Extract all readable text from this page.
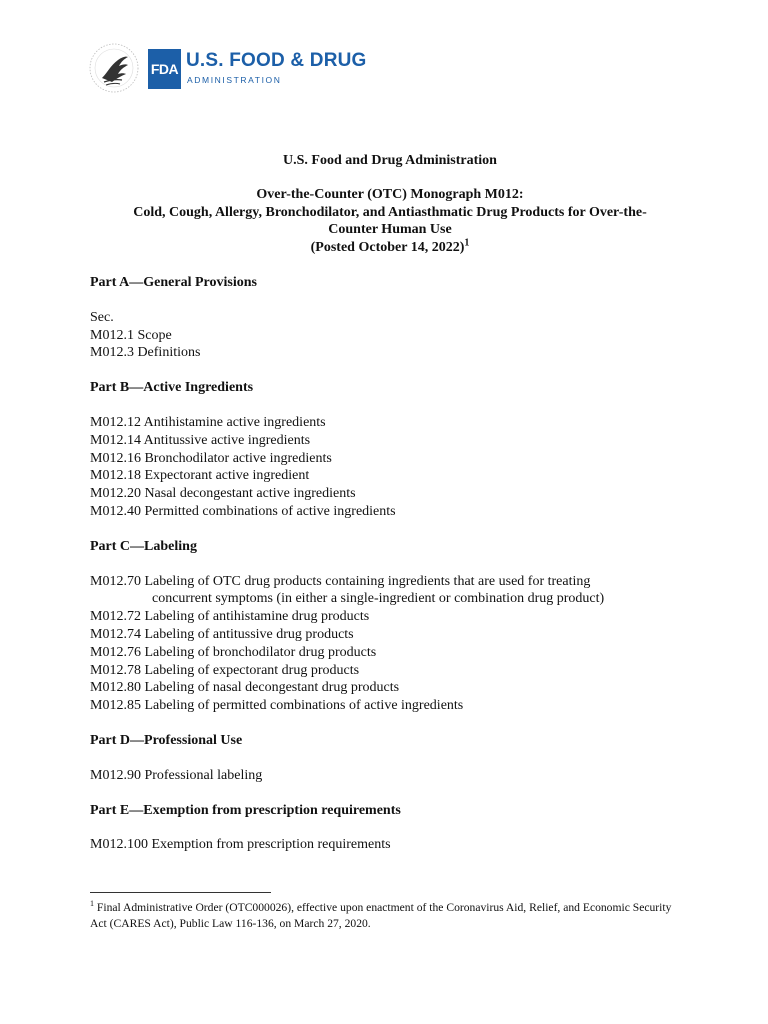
FDA U.S. FOOD & DRUG
ADMINISTRATION
U.S. Food and Drug Administration
Over-the-Counter (OTC) Monograph M012:
Cold, Cough, Allergy, Bronchodilator, and Antiasthmatic Drug Products for Over-the-
Counter Human Use
(Posted October 14, 2022)$^1$
Part A—General Provisions
Sec.
M012.1 Scope
M012.3 Definitions
Part B—Active Ingredients
M012.12 Antihistamine active ingredients
M012.14 Antitussive active ingredients
M012.16 Bronchodilator active ingredients
M012.18 Expectorant active ingredient
M012.20 Nasal decongestant active ingredients
M012.40 Permitted combinations of active ingredients
Part C—Labeling
M012.70 Labeling of OTC drug products containing ingredients that are used for treating
concurrent symptoms (in either a single-ingredient or combination drug product)
M012.72 Labeling of antihistamine drug products
M012.74 Labeling of antitussive drug products
M012.76 Labeling of bronchodilator drug products
M012.78 Labeling of expectorant drug products
M012.80 Labeling of nasal decongestant drug products
M012.85 Labeling of permitted combinations of active ingredients
Part D—Professional Use
M012.90 Professional labeling
Part E—Exemption from prescription requirements
M012.100 Exemption from prescription requirements
$^1$ Final Administrative Order (OTC000026), effective upon enactment of the Coronavirus Aid, Relief, and Economic Security Act (CARES Act), Public Law 116-136, on March 27, 2020.
